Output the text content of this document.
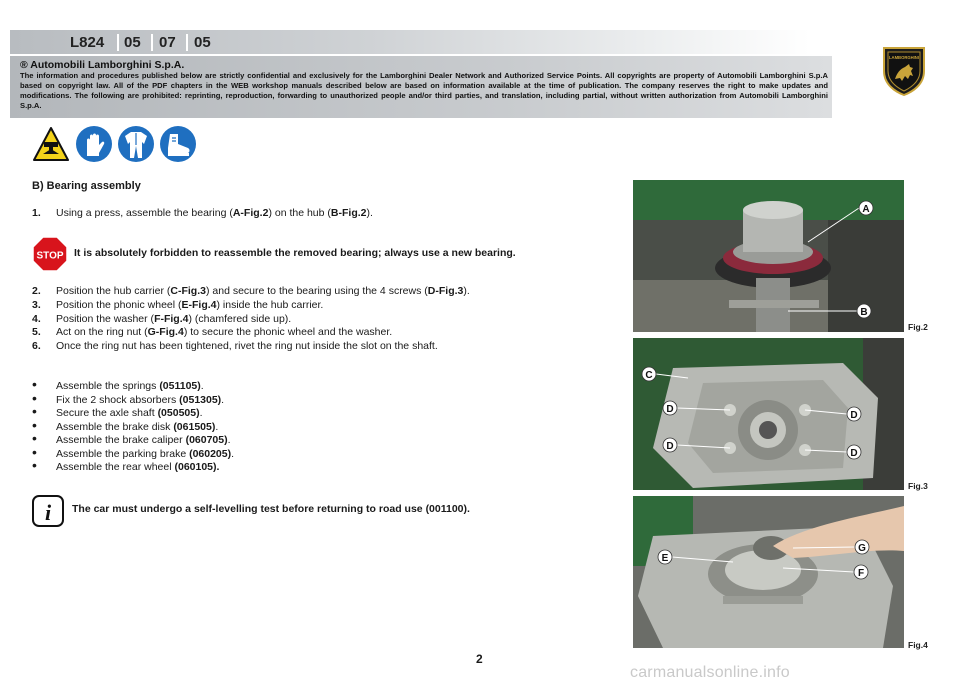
L824 05 07 05
LAMBORGHINI
® Automobili Lamborghini S.p.A.
The information and procedures published below are strictly confidential and exclusively for the Lamborghini Dealer Network and Authorized Service Points. All copyrights are property of Automobili Lamborghini S.p.A based on copyright law. All of the PDF chapters in the WEB workshop manuals described below are based on information available at the time of publication. The company reserves the right to make updates and modifications. The following are prohibited: reprinting, reproduction, forwarding to unauthorized people and/or third parties, and translation, including partial, without written authorization from Automobili Lamborghini S.p.A.
B) Bearing assembly
1. Using a press, assemble the bearing (A-Fig.2) on the hub (B-Fig.2).
STOP It is absolutely forbidden to reassemble the removed bearing; always use a new bearing.
2. Position the hub carrier (C-Fig.3) and secure to the bearing using the 4 screws (D-Fig.3).
3. Position the phonic wheel (E-Fig.4) inside the hub carrier.
4. Position the washer (F-Fig.4) (chamfered side up).
5. Act on the ring nut (G-Fig.4) to secure the phonic wheel and the washer.
6. Once the ring nut has been tightened, rivet the ring nut inside the slot on the shaft.
• Assemble the springs (051105).
• Fix the 2 shock absorbers (051305).
• Secure the axle shaft (050505).
• Assemble the brake disk (061505).
• Assemble the brake caliper (060705).
• Assemble the parking brake (060205).
• Assemble the rear wheel (060105).
i The car must undergo a self-levelling test before returning to road use (001100).
A
B
Fig.2
C
D
D
D
D
Fig.3
E
G
F
Fig.4
2
carmanualsonline.info
